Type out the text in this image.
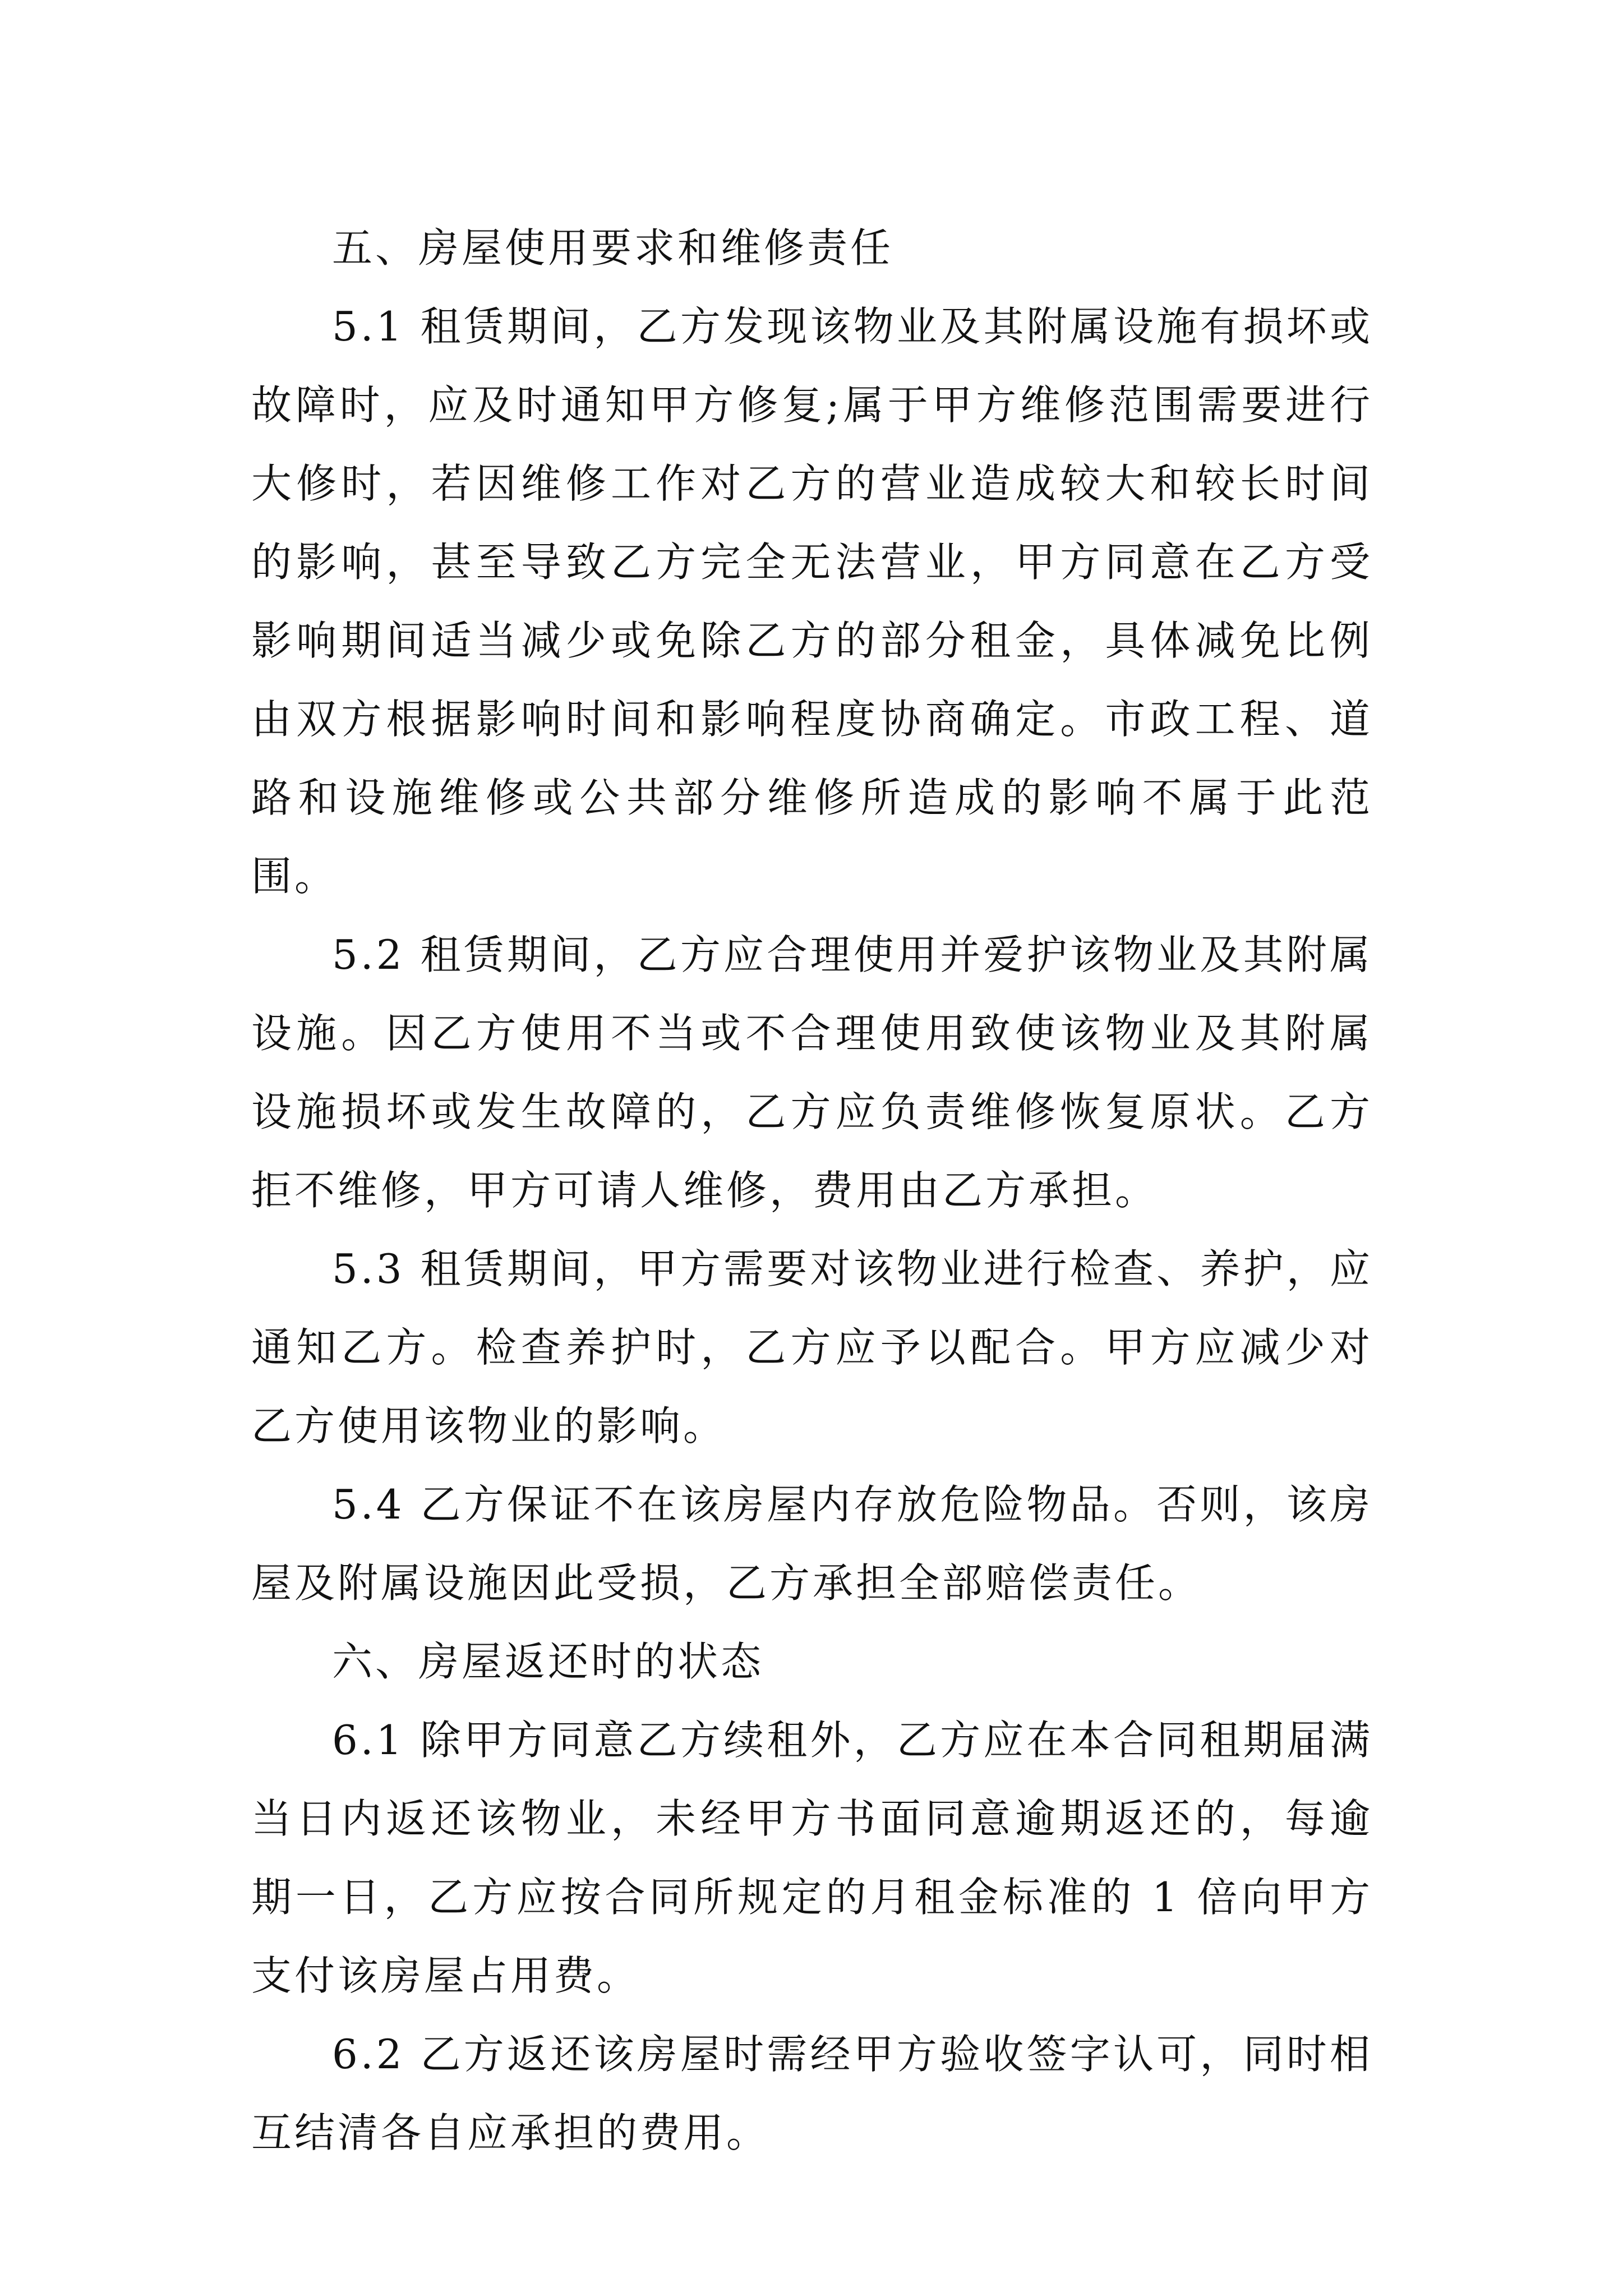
五、房屋使用要求和维修责任

5.1 租赁期间，乙方发现该物业及其附属设施有损坏或故障时，应及时通知甲方修复;属于甲方维修范围需要进行大修时，若因维修工作对乙方的营业造成较大和较长时间的影响，甚至导致乙方完全无法营业，甲方同意在乙方受影响期间适当减少或免除乙方的部分租金，具体减免比例由双方根据影响时间和影响程度协商确定。市政工程、道路和设施维修或公共部分维修所造成的影响不属于此范围。

5.2 租赁期间，乙方应合理使用并爱护该物业及其附属设施。因乙方使用不当或不合理使用致使该物业及其附属设施损坏或发生故障的，乙方应负责维修恢复原状。乙方拒不维修，甲方可请人维修，费用由乙方承担。

5.3 租赁期间，甲方需要对该物业进行检查、养护，应通知乙方。检查养护时，乙方应予以配合。甲方应减少对乙方使用该物业的影响。

5.4 乙方保证不在该房屋内存放危险物品。否则，该房屋及附属设施因此受损，乙方承担全部赔偿责任。

六、房屋返还时的状态

6.1 除甲方同意乙方续租外，乙方应在本合同租期届满当日内返还该物业，未经甲方书面同意逾期返还的，每逾期一日，乙方应按合同所规定的月租金标准的 1 倍向甲方支付该房屋占用费。

6.2 乙方返还该房屋时需经甲方验收签字认可，同时相互结清各自应承担的费用。
